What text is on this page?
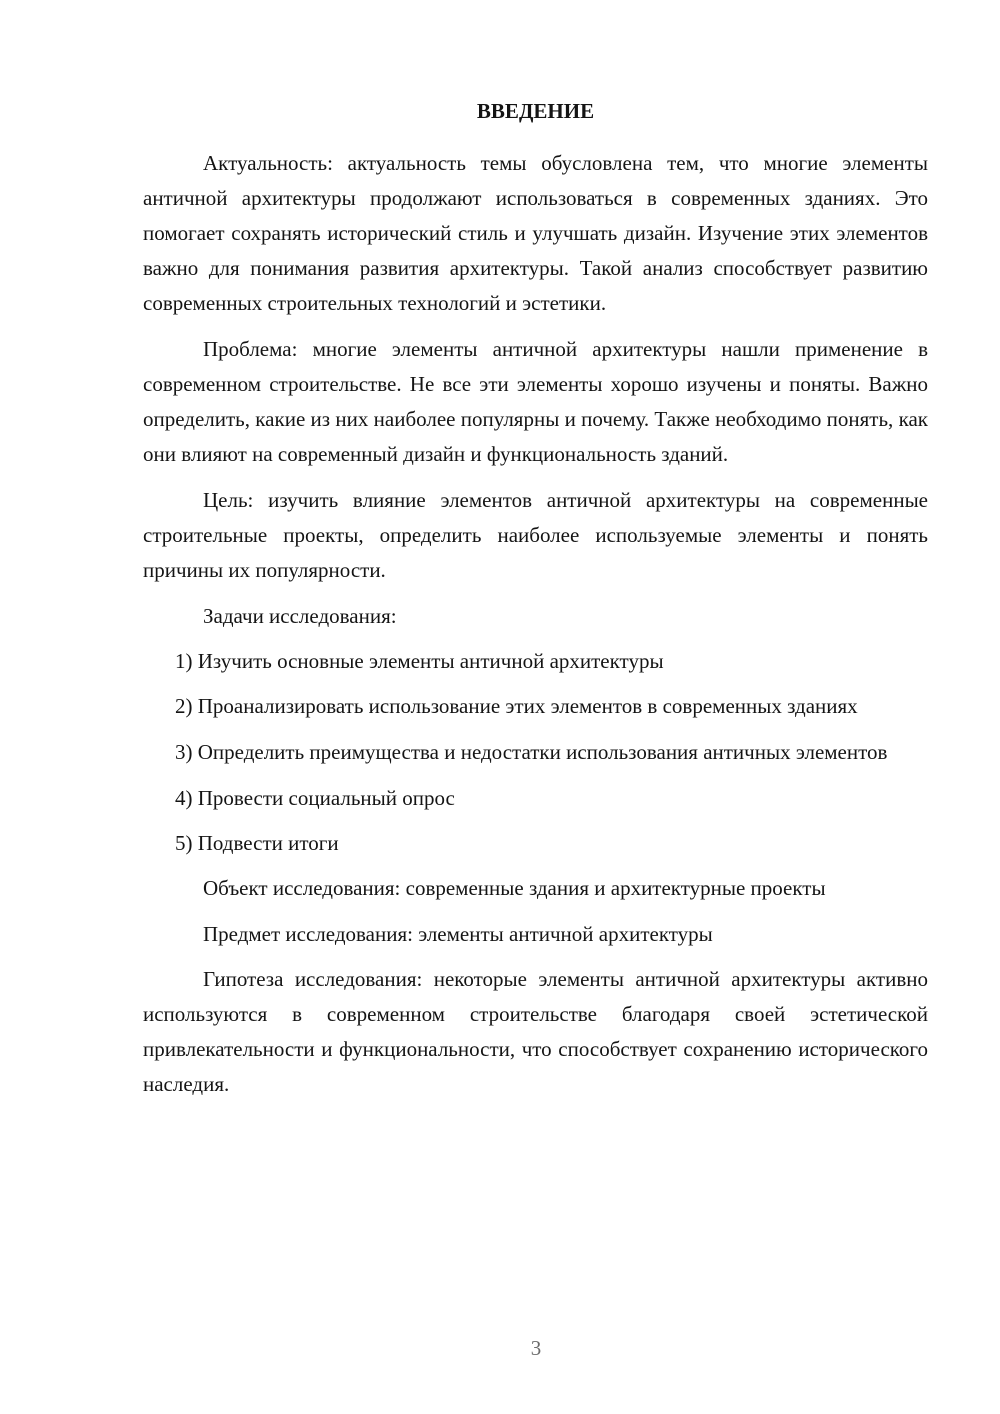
ВВЕДЕНИЕ

Актуальность: актуальность темы обусловлена тем, что многие элементы античной архитектуры продолжают использоваться в современных зданиях. Это помогает сохранять исторический стиль и улучшать дизайн. Изучение этих элементов важно для понимания развития архитектуры. Такой анализ способствует развитию современных строительных технологий и эстетики.

Проблема: многие элементы античной архитектуры нашли применение в современном строительстве. Не все эти элементы хорошо изучены и поняты. Важно определить, какие из них наиболее популярны и почему. Также необходимо понять, как они влияют на современный дизайн и функциональность зданий.

Цель: изучить влияние элементов античной архитектуры на современные строительные проекты, определить наиболее используемые элементы и понять причины их популярности.

Задачи исследования:

1) Изучить основные элементы античной архитектуры

2) Проанализировать использование этих элементов в современных зданиях

3) Определить преимущества и недостатки использования античных элементов

4) Провести социальный опрос

5) Подвести итоги

Объект исследования: современные здания и архитектурные проекты

Предмет исследования: элементы античной архитектуры

Гипотеза исследования: некоторые элементы античной архитектуры активно используются в современном строительстве благодаря своей эстетической привлекательности и функциональности, что способствует сохранению исторического наследия.

3
